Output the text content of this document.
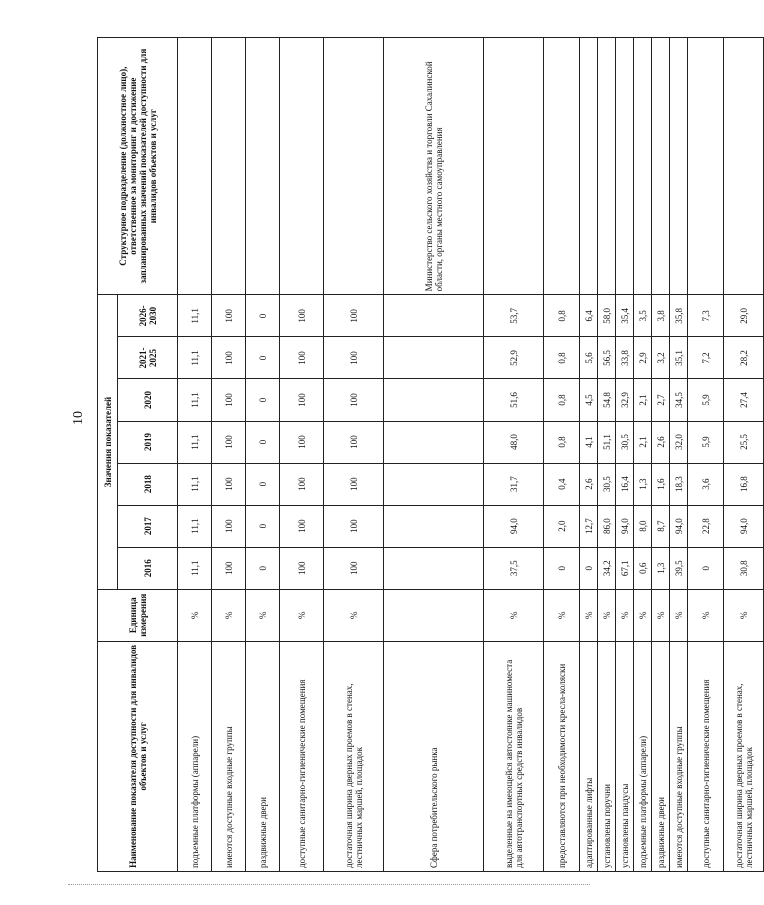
10
Наименование показателя доступности для инвалидов объектов и услуг	Единица измерения	Значения показателей							Структурное подразделение (должностное лицо), ответственное за мониторинг и достижение запланированных значений показателей доступности для инвалидов объектов и услуг
		2016	2017	2018	2019	2020	2021-2025	2026-2030	
подъемные платформы (аппарели)	%	11,1	11,1	11,1	11,1	11,1	11,1	11,1	
имеются доступные входные группы	%	100	100	100	100	100	100	100	
раздвижные двери	%	0	0	0	0	0	0	0	
доступные санитарно-гигиенические помещения	%	100	100	100	100	100	100	100	
достаточная ширина дверных проемов в стенах, лестничных маршей, площадок	%	100	100	100	100	100	100	100	
Сфера потребительского рынка									Министерство сельского хозяйства и торговли Сахалинской области, органы местного самоуправления
выделенные на имеющейся автостоянке машиноместа для автотранспортных средств инвалидов	%	37,5	94,0	31,7	48,0	51,6	52,9	53,7	
предоставляются при необходимости кресла-коляски	%	0	2,0	0,4	0,8	0,8	0,8	0,8	
адаптированные лифты	%	0	12,7	2,6	4,1	4,5	5,6	6,4	
установлены поручни	%	34,2	86,0	30,5	51,1	54,8	56,5	58,0	
установлены пандусы	%	67,1	94,0	16,4	30,5	32,9	33,8	35,4	
подъемные платформы (аппарели)	%	0,6	8,0	1,3	2,1	2,1	2,9	3,5	
раздвижные двери	%	1,3	8,7	1,6	2,6	2,7	3,2	3,8	
имеются доступные входные группы	%	39,5	94,0	18,3	32,0	34,5	35,1	35,8	
доступные санитарно-гигиенические помещения	%	0	22,8	3,6	5,9	5,9	7,2	7,3	
достаточная ширина дверных проемов в стенах, лестничных маршей, площадок	%	30,8	94,0	16,8	25,5	27,4	28,2	29,0	
